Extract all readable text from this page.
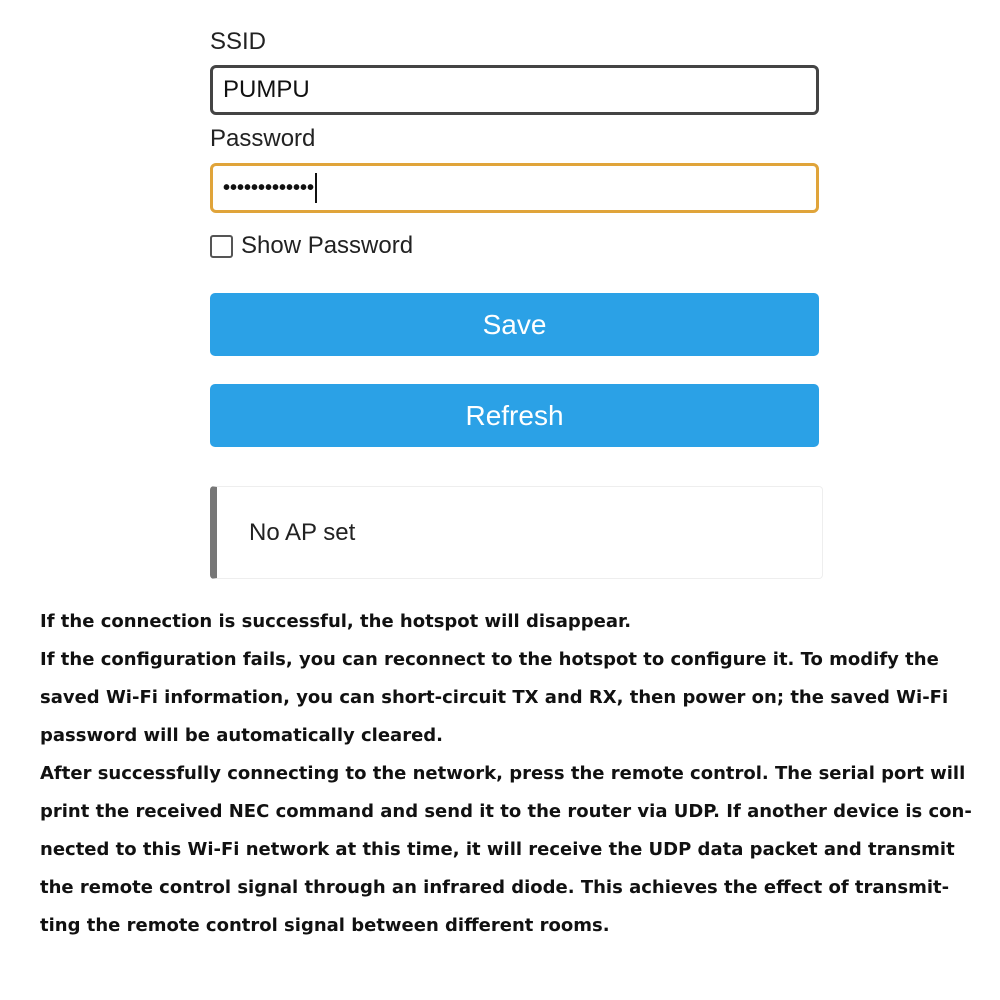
SSID
PUMPU
Password
•••••••••••••
Show Password
Save
Refresh
No AP set
If the connection is successful, the hotspot will disappear.
If the configuration fails, you can reconnect to the hotspot to configure it. To modify the
saved Wi-Fi information, you can short-circuit TX and RX, then power on; the saved Wi-Fi
password will be automatically cleared.
After successfully connecting to the network, press the remote control. The serial port will
print the received NEC command and send it to the router via UDP. If another device is con-
nected to this Wi-Fi network at this time, it will receive the UDP data packet and transmit
the remote control signal through an infrared diode. This achieves the effect of transmit-
ting the remote control signal between different rooms.
